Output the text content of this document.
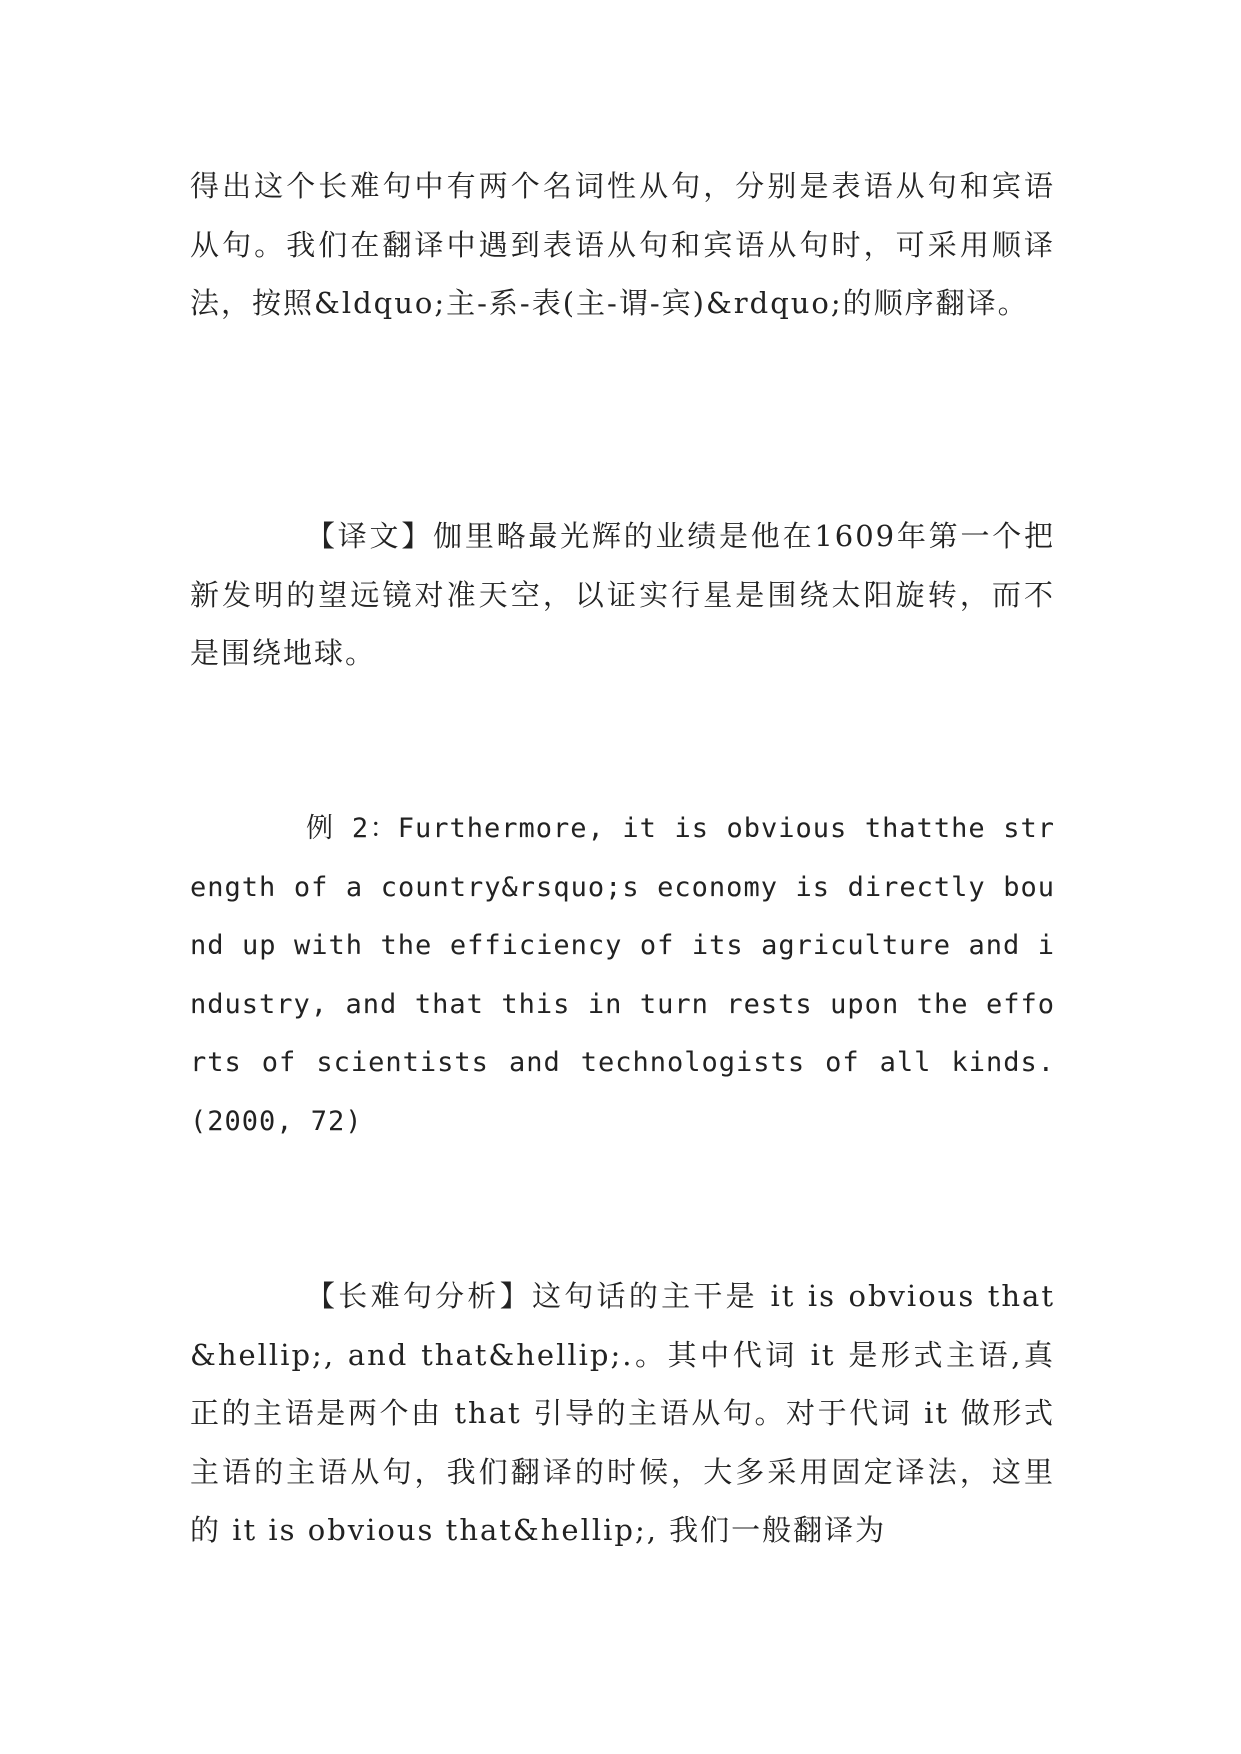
得出这个长难句中有两个名词性从句，分别是表语从句和宾语从句。我们在翻译中遇到表语从句和宾语从句时，可采用顺译法，按照&ldquo;主-系-表(主-谓-宾)&rdquo;的顺序翻译。
【译文】伽里略最光辉的业绩是他在1609年第一个把新发明的望远镜对准天空，以证实行星是围绕太阳旋转，而不是围绕地球。
例 2：Furthermore, it is obvious thatthe strength of a country&rsquo;s economy is directly bound up with the efficiency of its agriculture and industry, and that this in turn rests upon the efforts of scientists and technologists of all kinds.(2000, 72)
【长难句分析】这句话的主干是 it is obvious that&hellip;, and that&hellip;.。其中代词 it 是形式主语,真正的主语是两个由 that 引导的主语从句。对于代词 it 做形式主语的主语从句，我们翻译的时候，大多采用固定译法，这里的 it is obvious that&hellip;, 我们一般翻译为
